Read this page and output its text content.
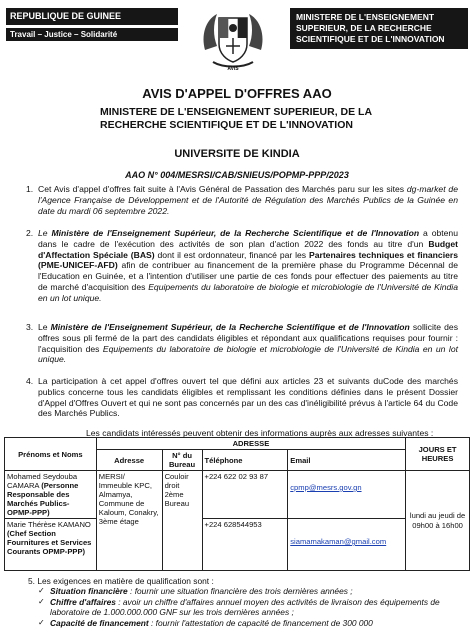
REPUBLIQUE DE GUINEE
Travail – Justice – Solidarité
AVIS
MINISTERE DE L'ENSEIGNEMENT SUPERIEUR, DE LA RECHERCHE SCIENTIFIQUE ET DE L'INNOVATION
AVIS D'APPEL D'OFFRES AAO
MINISTERE DE L'ENSEIGNEMENT SUPERIEUR, DE LA RECHERCHE SCIENTIFIQUE ET DE L'INNOVATION
UNIVERSITE DE KINDIA
AAO N° 004/MESRSI/CAB/SNIEUS/POPMP-PPP/2023
1. Cet Avis d'appel d'offres fait suite à l'Avis Général de Passation des Marchés paru sur les sites dg-market de l'Agence Française de Développement et de l'Autorité de Régulation des Marchés Publics de la Guinée en date du mardi 06 septembre 2022.
2. Le Ministère de l'Enseignement Supérieur, de la Recherche Scientifique et de l'Innovation a obtenu dans le cadre de l'exécution des activités de son plan d'action 2022 des fonds au titre d'un Budget d'Affectation Spéciale (BAS) dont il est ordonnateur, financé par les Partenaires techniques et financiers (PME-UNICEF-AFD) afin de contribuer au financement de la première phase du Programme Décennal de l'Education en Guinée, et a l'intention d'utiliser une partie de ces fonds pour effectuer des paiements au titre de marché d'acquisition des Equipements du laboratoire de biologie et microbiologie de l'Université de Kindia en un lot unique.
3. Le Ministère de l'Enseignement Supérieur, de la Recherche Scientifique et de l'Innovation sollicite des offres sous pli fermé de la part des candidats éligibles et répondant aux qualifications requises pour fournir : l'acquisition des Equipements du laboratoire de biologie et microbiologie de l'Université de Kindia en un lot unique.
4. La participation à cet appel d'offres ouvert tel que défini aux articles 23 et suivants duCode des marchés publics concerne tous les candidats éligibles et remplissant les conditions définies dans le présent Dossier d'Appel d'Offres Ouvert et qui ne sont pas concernés par un des cas d'inéligibilité prévus à l'article 64 du Code des Marchés Publics.
Les candidats intéressés peuvent obtenir des informations auprès aux adresses suivantes :
Prénoms et Noms	ADRESSE				JOURS ET HEURES
	Adresse	N° du Bureau	Téléphone	Email	
Mohamed Seydouba CAMARA (Personne Responsable des Marchés Publics-OPMP-PPP)	MERSI/ Immeuble KPC, Almamya, Commune de Kaloum, Conakry, 3ème étage	Couloir droit 2ème Bureau	+224 622 02 93 87	cpmp@mesrs.gov.gn	lundi au jeudi de 09h00 à 16h00
Marie Thérèse KAMANO (Chef Section Fournitures et Services Courants OPMP-PPP)			+224 628544953	siamamakaman@gmail.com	
5. Les exigences en matière de qualification sont :
✓ Situation financière : fournir une situation financière des trois dernières années ;
✓ Chiffre d'affaires : avoir un chiffre d'affaires annuel moyen des activités de livraison des équipements de laboratoire de 1.000.000.000 GNF sur les trois dernières années ;
✓ Capacité de financement : fournir l'attestation de capacité de financement de 300 000
